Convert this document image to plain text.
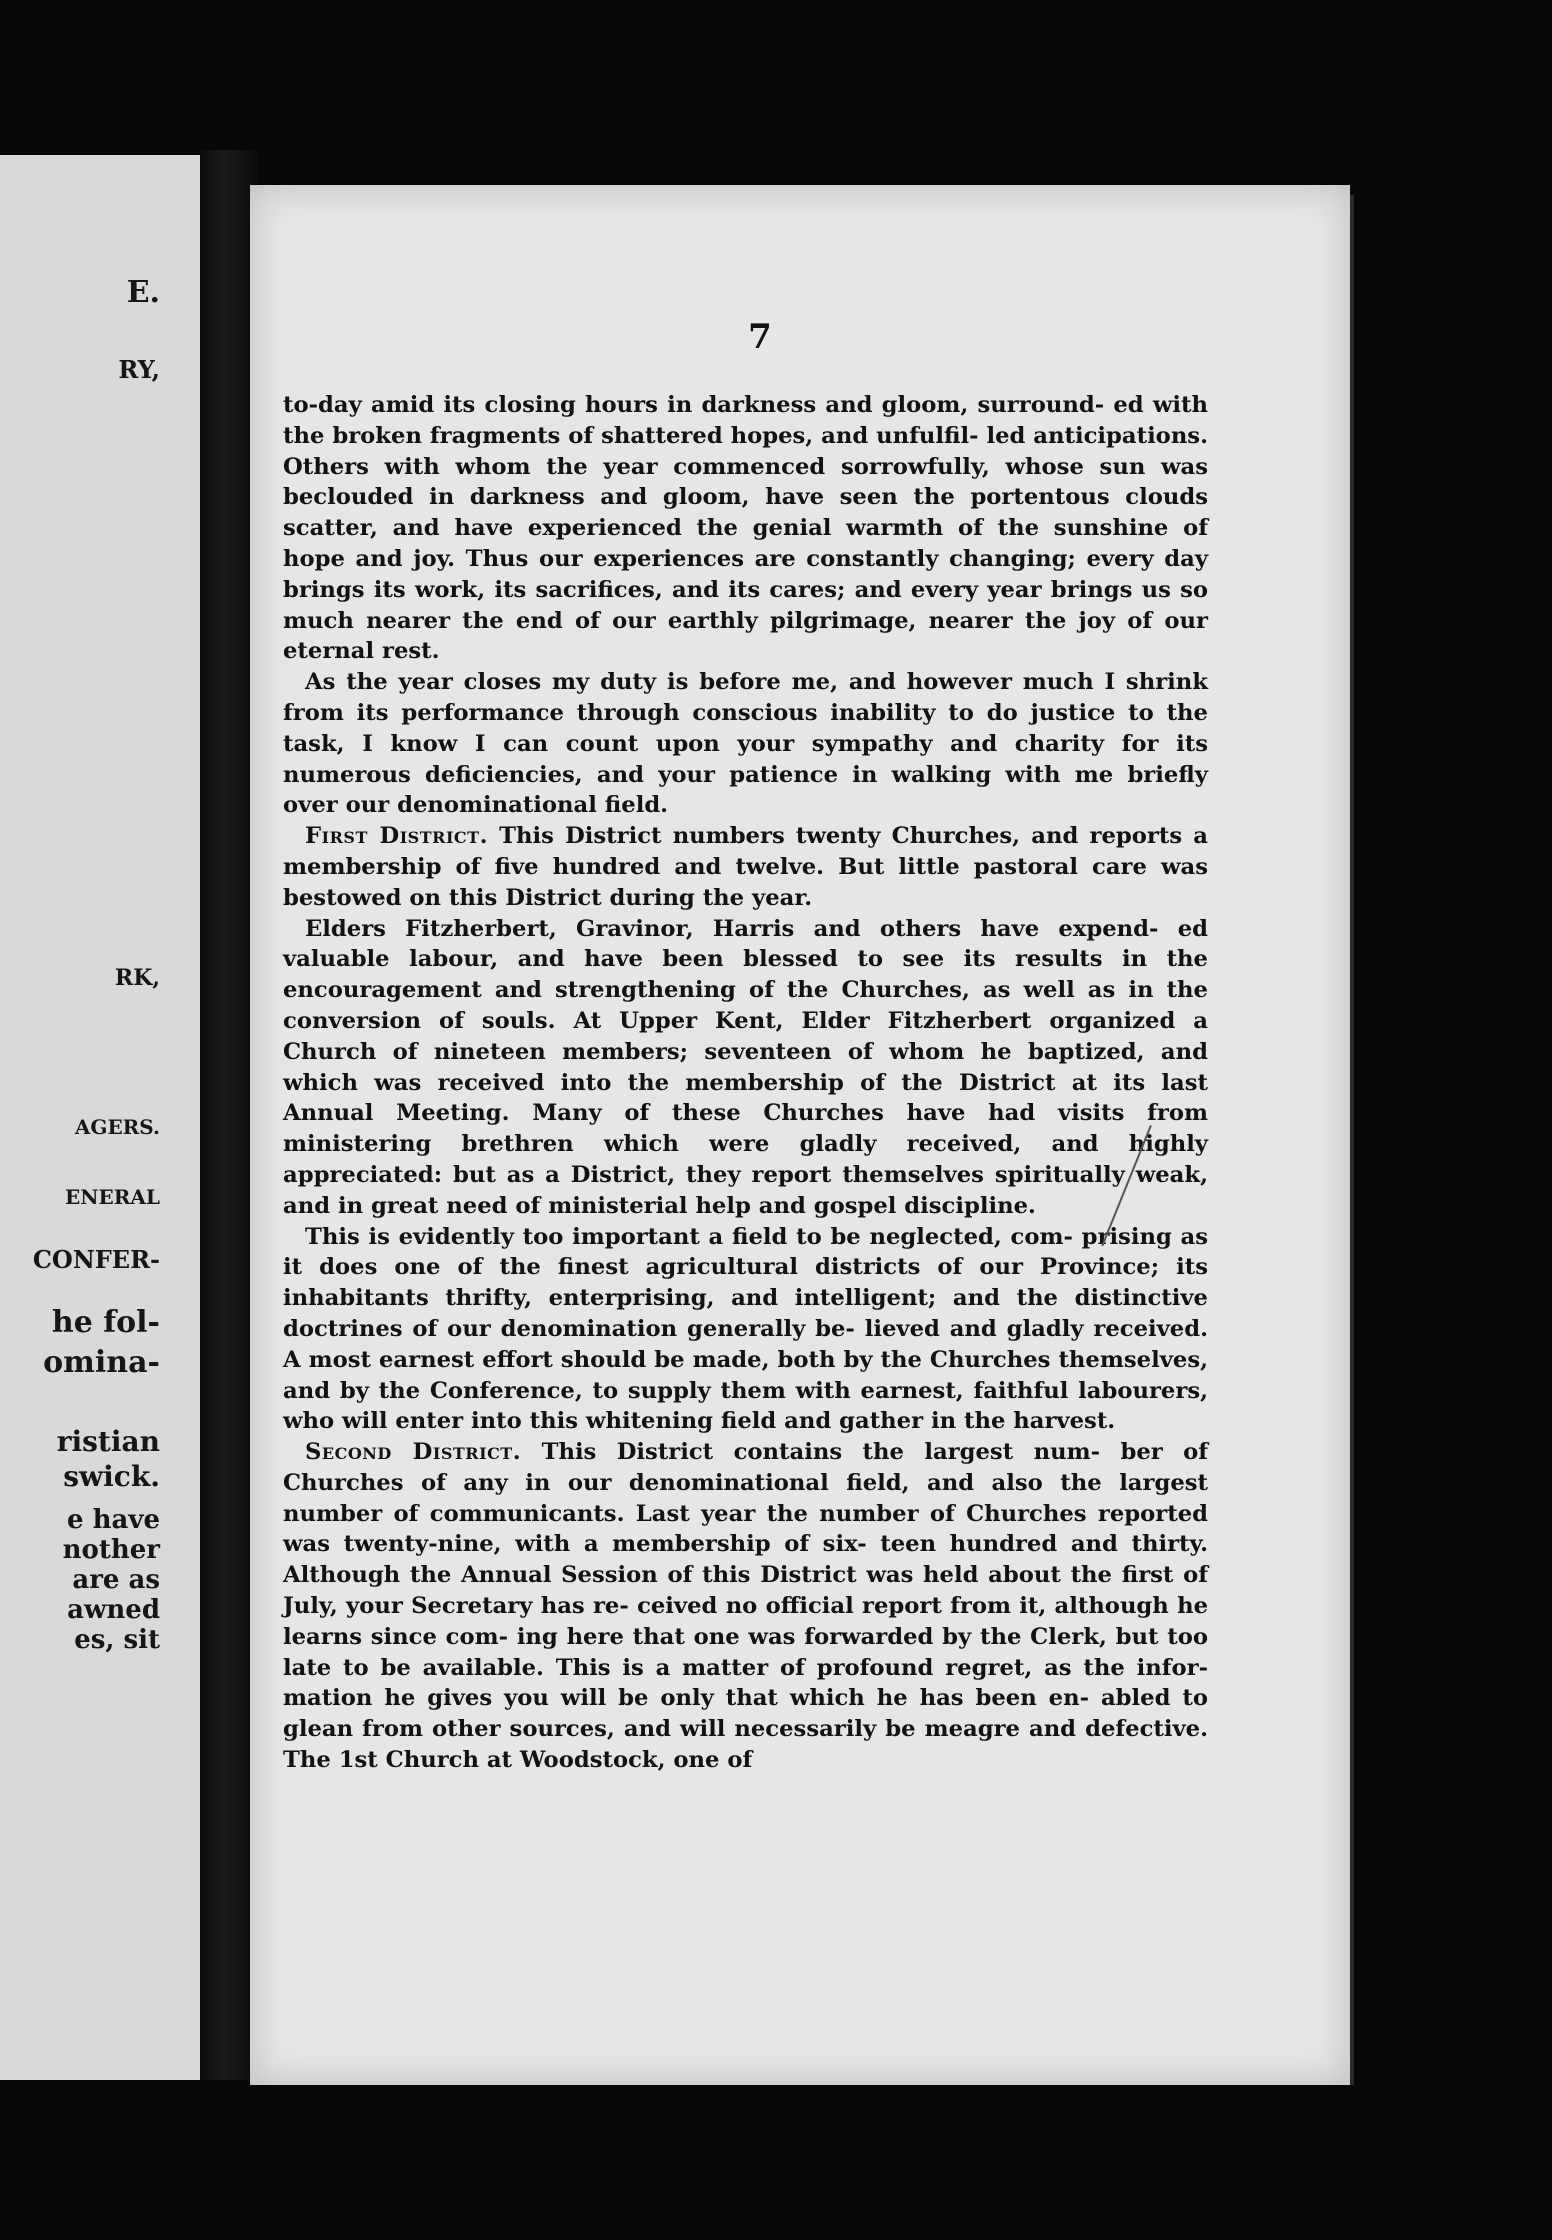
E.
RY,
RK,
AGERS.
ENERAL
CONFER-
he fol-
omina-
ristian
swick.
e have
nother
are as
awned
es, sit
7

to-day amid its closing hours in darkness and gloom, surround- ed with the broken fragments of shattered hopes, and unfulfil- led anticipations. Others with whom the year commenced sorrowfully, whose sun was beclouded in darkness and gloom, have seen the portentous clouds scatter, and have experienced the genial warmth of the sunshine of hope and joy. Thus our experiences are constantly changing; every day brings its work, its sacrifices, and its cares; and every year brings us so much nearer the end of our earthly pilgrimage, nearer the joy of our eternal rest.

As the year closes my duty is before me, and however much I shrink from its performance through conscious inability to do justice to the task, I know I can count upon your sympathy and charity for its numerous deficiencies, and your patience in walking with me briefly over our denominational field.

First District. This District numbers twenty Churches, and reports a membership of five hundred and twelve. But little pastoral care was bestowed on this District during the year.

Elders Fitzherbert, Gravinor, Harris and others have expend- ed valuable labour, and have been blessed to see its results in the encouragement and strengthening of the Churches, as well as in the conversion of souls. At Upper Kent, Elder Fitzherbert organized a Church of nineteen members; seventeen of whom he baptized, and which was received into the membership of the District at its last Annual Meeting. Many of these Churches have had visits from ministering brethren which were gladly received, and highly appreciated: but as a District, they report themselves spiritually weak, and in great need of ministerial help and gospel discipline.

This is evidently too important a field to be neglected, com- prising as it does one of the finest agricultural districts of our Province; its inhabitants thrifty, enterprising, and intelligent; and the distinctive doctrines of our denomination generally be- lieved and gladly received. A most earnest effort should be made, both by the Churches themselves, and by the Conference, to supply them with earnest, faithful labourers, who will enter into this whitening field and gather in the harvest.

Second District. This District contains the largest num- ber of Churches of any in our denominational field, and also the largest number of communicants. Last year the number of Churches reported was twenty-nine, with a membership of six- teen hundred and thirty. Although the Annual Session of this District was held about the first of July, your Secretary has re- ceived no official report from it, although he learns since com- ing here that one was forwarded by the Clerk, but too late to be available. This is a matter of profound regret, as the infor- mation he gives you will be only that which he has been en- abled to glean from other sources, and will necessarily be meagre and defective. The 1st Church at Woodstock, one of
